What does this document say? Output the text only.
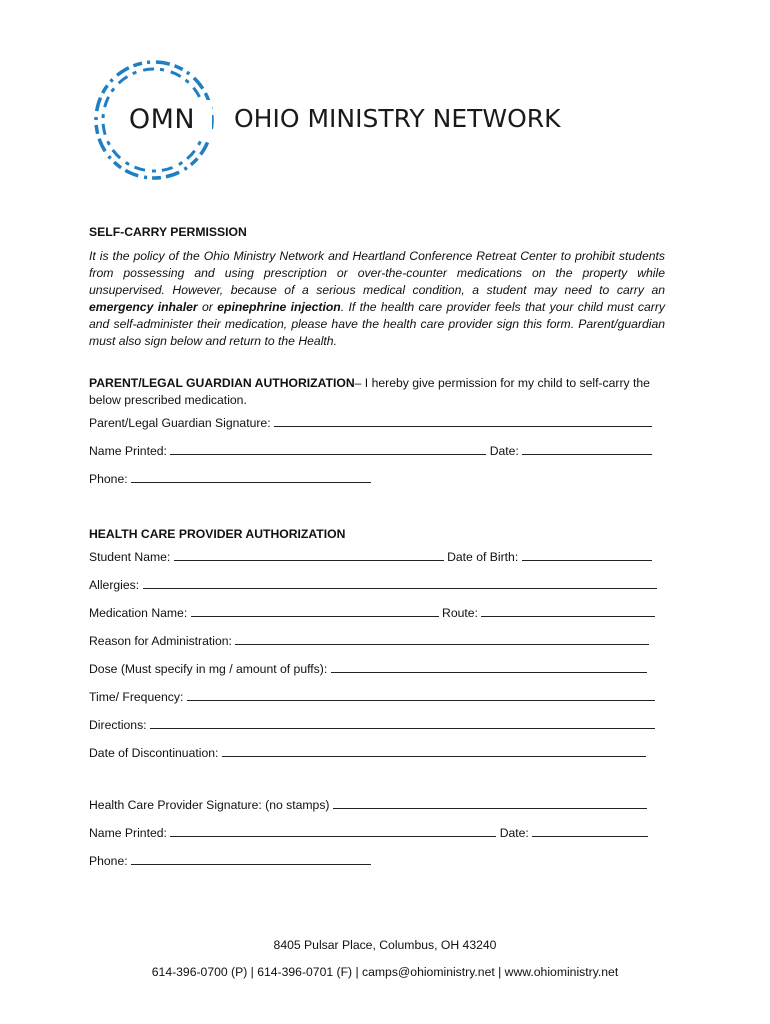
OMN	OHIO MINISTRY NETWORK
SELF-CARRY PERMISSION
It is the policy of the Ohio Ministry Network and Heartland Conference Retreat Center to prohibit students from possessing and using prescription or over-the-counter medications on the property while unsupervised. However, because of a serious medical condition, a student may need to carry an emergency inhaler or epinephrine injection. If the health care provider feels that your child must carry and self-administer their medication, please have the health care provider sign this form. Parent/guardian must also sign below and return to the Health.
PARENT/LEGAL GUARDIAN AUTHORIZATION– I hereby give permission for my child to self-carry the below prescribed medication.
Parent/Legal Guardian Signature:
Name Printed:	Date:
Phone:
HEALTH CARE PROVIDER AUTHORIZATION
Student Name:	Date of Birth:
Allergies:
Medication Name:	Route:
Reason for Administration:
Dose (Must specify in mg / amount of puffs):
Time/ Frequency:
Directions:
Date of Discontinuation:
Health Care Provider Signature: (no stamps)
Name Printed:	Date:
Phone:
8405 Pulsar Place, Columbus, OH 43240
614-396-0700 (P) | 614-396-0701 (F) | camps@ohioministry.net | www.ohioministry.net
